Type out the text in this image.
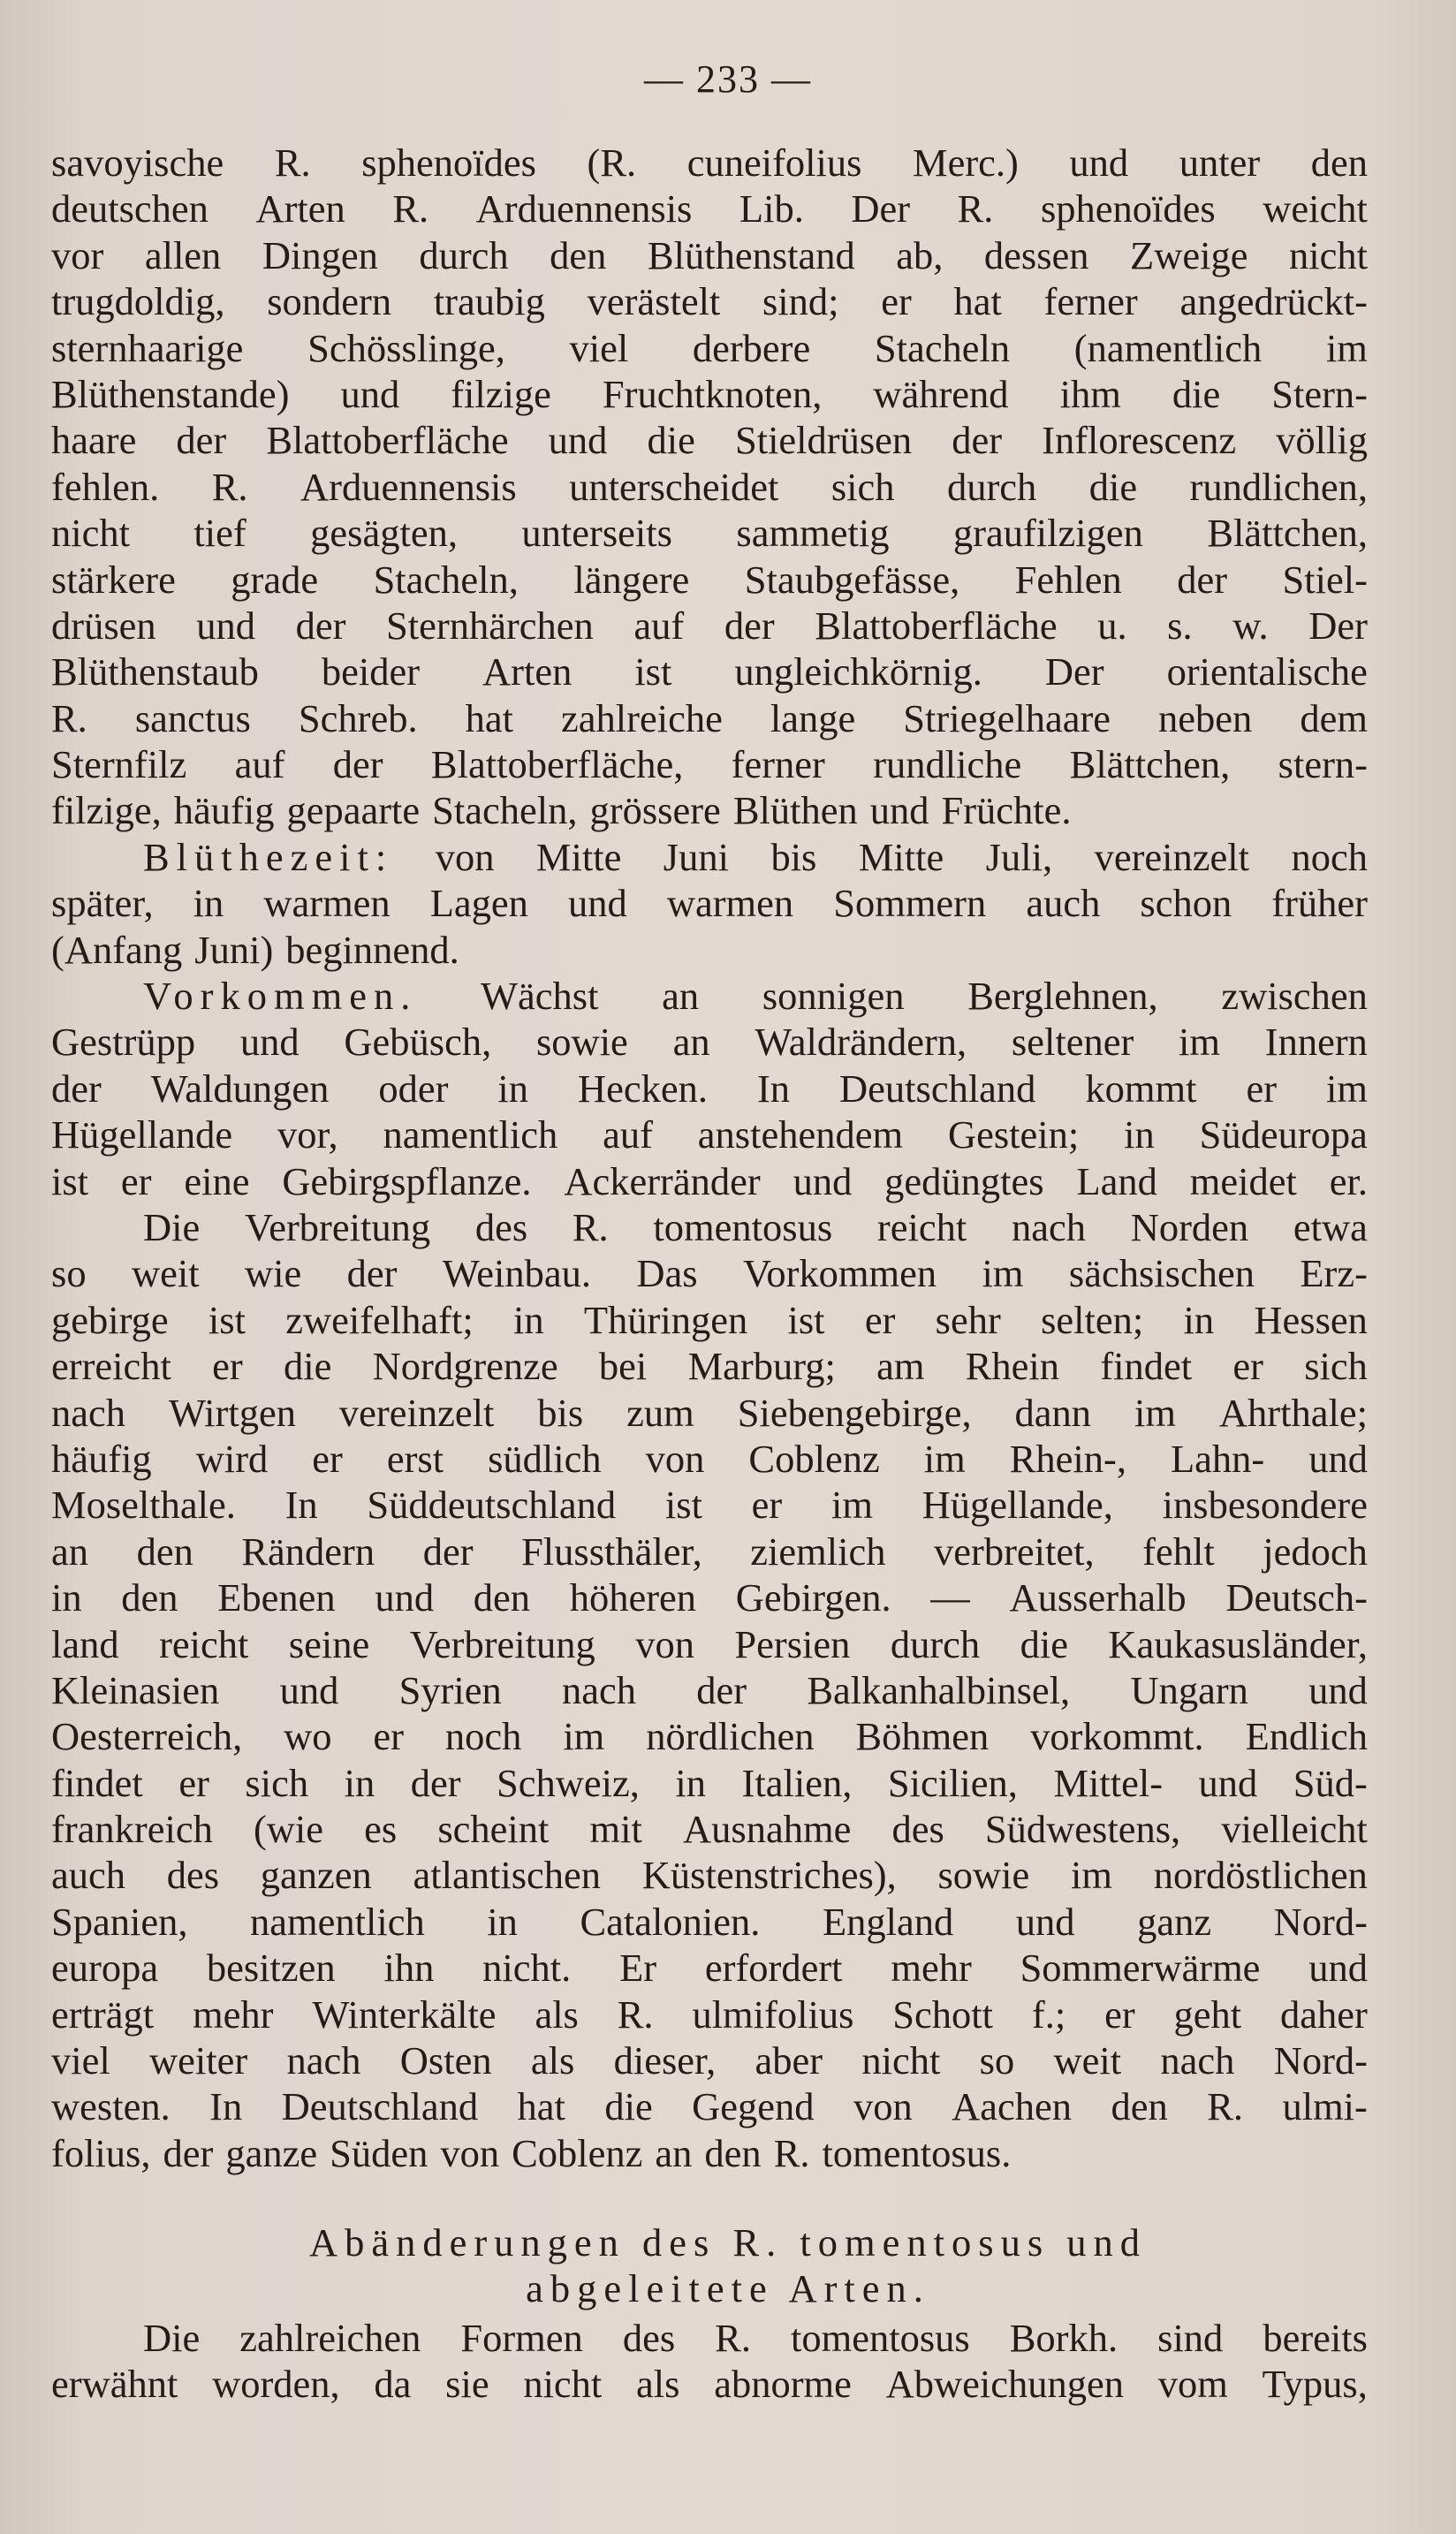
— 233 —
savoyische R. sphenoïdes (R. cuneifolius Merc.) und unter den
deutschen Arten R. Arduennensis Lib. Der R. sphenoïdes weicht
vor allen Dingen durch den Blüthenstand ab, dessen Zweige nicht
trugdoldig, sondern traubig verästelt sind; er hat ferner angedrückt-
sternhaarige Schösslinge, viel derbere Stacheln (namentlich im
Blüthenstande) und filzige Fruchtknoten, während ihm die Stern-
haare der Blattoberfläche und die Stieldrüsen der Inflorescenz völlig
fehlen. R. Arduennensis unterscheidet sich durch die rundlichen,
nicht tief gesägten, unterseits sammetig graufilzigen Blättchen,
stärkere grade Stacheln, längere Staubgefässe, Fehlen der Stiel-
drüsen und der Sternhärchen auf der Blattoberfläche u. s. w. Der
Blüthenstaub beider Arten ist ungleichkörnig. Der orientalische
R. sanctus Schreb. hat zahlreiche lange Striegelhaare neben dem
Sternfilz auf der Blattoberfläche, ferner rundliche Blättchen, stern-
filzige, häufig gepaarte Stacheln, grössere Blüthen und Früchte.
Blüthezeit: von Mitte Juni bis Mitte Juli, vereinzelt noch
später, in warmen Lagen und warmen Sommern auch schon früher
(Anfang Juni) beginnend.
Vorkommen. Wächst an sonnigen Berglehnen, zwischen
Gestrüpp und Gebüsch, sowie an Waldrändern, seltener im Innern
der Waldungen oder in Hecken. In Deutschland kommt er im
Hügellande vor, namentlich auf anstehendem Gestein; in Südeuropa
ist er eine Gebirgspflanze. Ackerränder und gedüngtes Land meidet er.
Die Verbreitung des R. tomentosus reicht nach Norden etwa
so weit wie der Weinbau. Das Vorkommen im sächsischen Erz-
gebirge ist zweifelhaft; in Thüringen ist er sehr selten; in Hessen
erreicht er die Nordgrenze bei Marburg; am Rhein findet er sich
nach Wirtgen vereinzelt bis zum Siebengebirge, dann im Ahrthale;
häufig wird er erst südlich von Coblenz im Rhein-, Lahn- und
Moselthale. In Süddeutschland ist er im Hügellande, insbesondere
an den Rändern der Flussthäler, ziemlich verbreitet, fehlt jedoch
in den Ebenen und den höheren Gebirgen. — Ausserhalb Deutsch-
land reicht seine Verbreitung von Persien durch die Kaukasusländer,
Kleinasien und Syrien nach der Balkanhalbinsel, Ungarn und
Oesterreich, wo er noch im nördlichen Böhmen vorkommt. Endlich
findet er sich in der Schweiz, in Italien, Sicilien, Mittel- und Süd-
frankreich (wie es scheint mit Ausnahme des Südwestens, vielleicht
auch des ganzen atlantischen Küstenstriches), sowie im nordöstlichen
Spanien, namentlich in Catalonien. England und ganz Nord-
europa besitzen ihn nicht. Er erfordert mehr Sommerwärme und
erträgt mehr Winterkälte als R. ulmifolius Schott f.; er geht daher
viel weiter nach Osten als dieser, aber nicht so weit nach Nord-
westen. In Deutschland hat die Gegend von Aachen den R. ulmi-
folius, der ganze Süden von Coblenz an den R. tomentosus.
Abänderungen des R. tomentosus und
abgeleitete Arten.
Die zahlreichen Formen des R. tomentosus Borkh. sind bereits
erwähnt worden, da sie nicht als abnorme Abweichungen vom Typus,
